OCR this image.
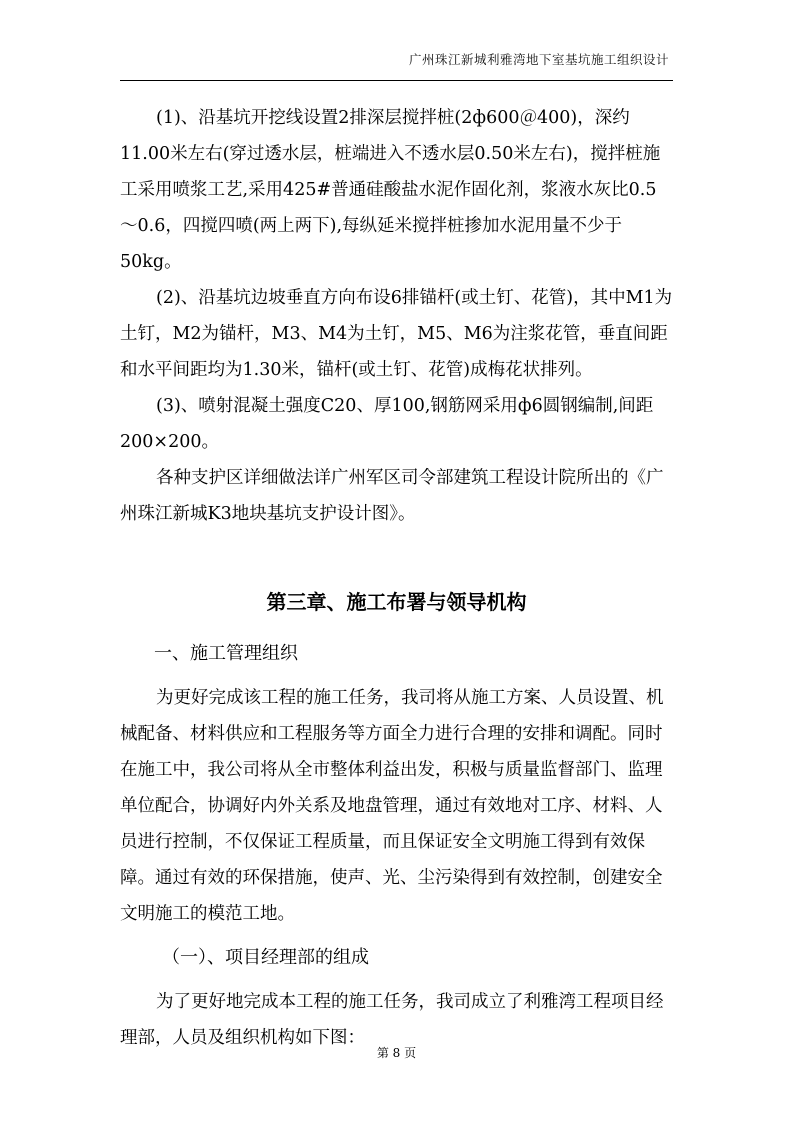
广州珠江新城利雅湾地下室基坑施工组织设计

(1)、沿基坑开挖线设置2排深层搅拌桩(2ф600＠400)，深约11.00米左右(穿过透水层，桩端进入不透水层0.50米左右)，搅拌桩施工采用喷浆工艺,采用425#普通硅酸盐水泥作固化剂，浆液水灰比0.5～0.6，四搅四喷(两上两下),每纵延米搅拌桩掺加水泥用量不少于50kg。

(2)、沿基坑边坡垂直方向布设6排锚杆(或土钉、花管)，其中M1为土钉，M2为锚杆，M3、M4为土钉，M5、M6为注浆花管，垂直间距和水平间距均为1.30米，锚杆(或土钉、花管)成梅花状排列。

(3)、喷射混凝土强度C20、厚100,钢筋网采用ф6圆钢编制,间距200×200。

各种支护区详细做法详广州军区司令部建筑工程设计院所出的《广州珠江新城K3地块基坑支护设计图》。

第三章、施工布署与领导机构
一、施工管理组织

为更好完成该工程的施工任务，我司将从施工方案、人员设置、机械配备、材料供应和工程服务等方面全力进行合理的安排和调配。同时在施工中，我公司将从全市整体利益出发，积极与质量监督部门、监理单位配合，协调好内外关系及地盘管理，通过有效地对工序、材料、人员进行控制，不仅保证工程质量，而且保证安全文明施工得到有效保障。通过有效的环保措施，使声、光、尘污染得到有效控制，创建安全文明施工的模范工地。

（一）、项目经理部的组成

为了更好地完成本工程的施工任务，我司成立了利雅湾工程项目经理部，人员及组织机构如下图：

第 8 页
